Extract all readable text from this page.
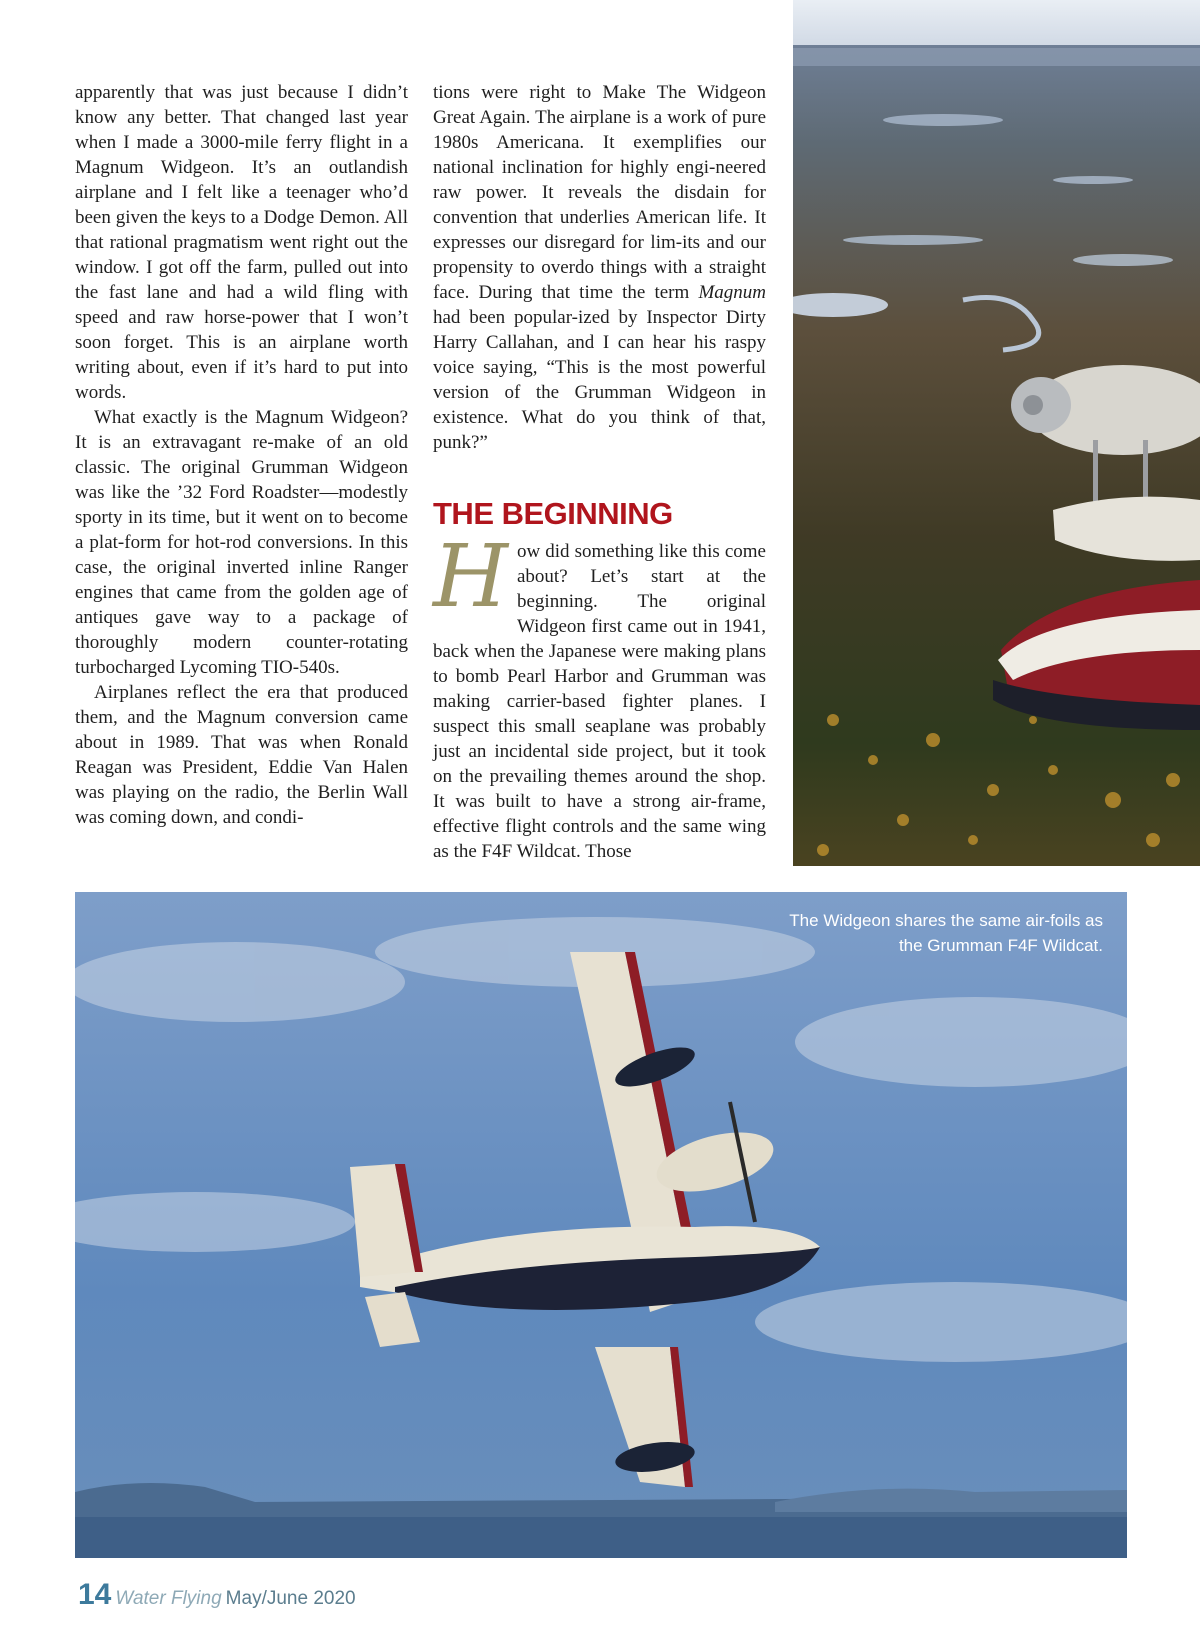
apparently that was just because I didn’t know any better. That changed last year when I made a 3000-mile ferry flight in a Magnum Widgeon. It’s an outlandish airplane and I felt like a teenager who’d been given the keys to a Dodge Demon. All that rational pragmatism went right out the window. I got off the farm, pulled out into the fast lane and had a wild fling with speed and raw horse-power that I won’t soon forget. This is an airplane worth writing about, even if it’s hard to put into words.

What exactly is the Magnum Widgeon? It is an extravagant re-make of an old classic. The original Grumman Widgeon was like the ’32 Ford Roadster—modestly sporty in its time, but it went on to become a plat-form for hot-rod conversions. In this case, the original inverted inline Ranger engines that came from the golden age of antiques gave way to a package of thoroughly modern counter-rotating turbocharged Lycoming TIO-540s.

Airplanes reflect the era that produced them, and the Magnum conversion came about in 1989. That was when Ronald Reagan was President, Eddie Van Halen was playing on the radio, the Berlin Wall was coming down, and condi-

tions were right to Make The Widgeon Great Again. The airplane is a work of pure 1980s Americana. It exemplifies our national inclination for highly engi-neered raw power. It reveals the disdain for convention that underlies American life. It expresses our disregard for lim-its and our propensity to overdo things with a straight face. During that time the term Magnum had been popular-ized by Inspector Dirty Harry Callahan, and I can hear his raspy voice saying, “This is the most powerful version of the Grumman Widgeon in existence. What do you think of that, punk?”

THE BEGINNING

H ow did something like this come about? Let’s start at the beginning. The original Widgeon first came out in 1941, back when the Japanese were making plans to bomb Pearl Harbor and Grumman was making carrier-based fighter planes. I suspect this small seaplane was probably just an incidental side project, but it took on the prevailing themes around the shop. It was built to have a strong air-frame, effective flight controls and the same wing as the F4F Wildcat. Those

The Widgeon shares the same air-foils as the Grumman F4F Wildcat.
14 Water Flying May/June 2020
